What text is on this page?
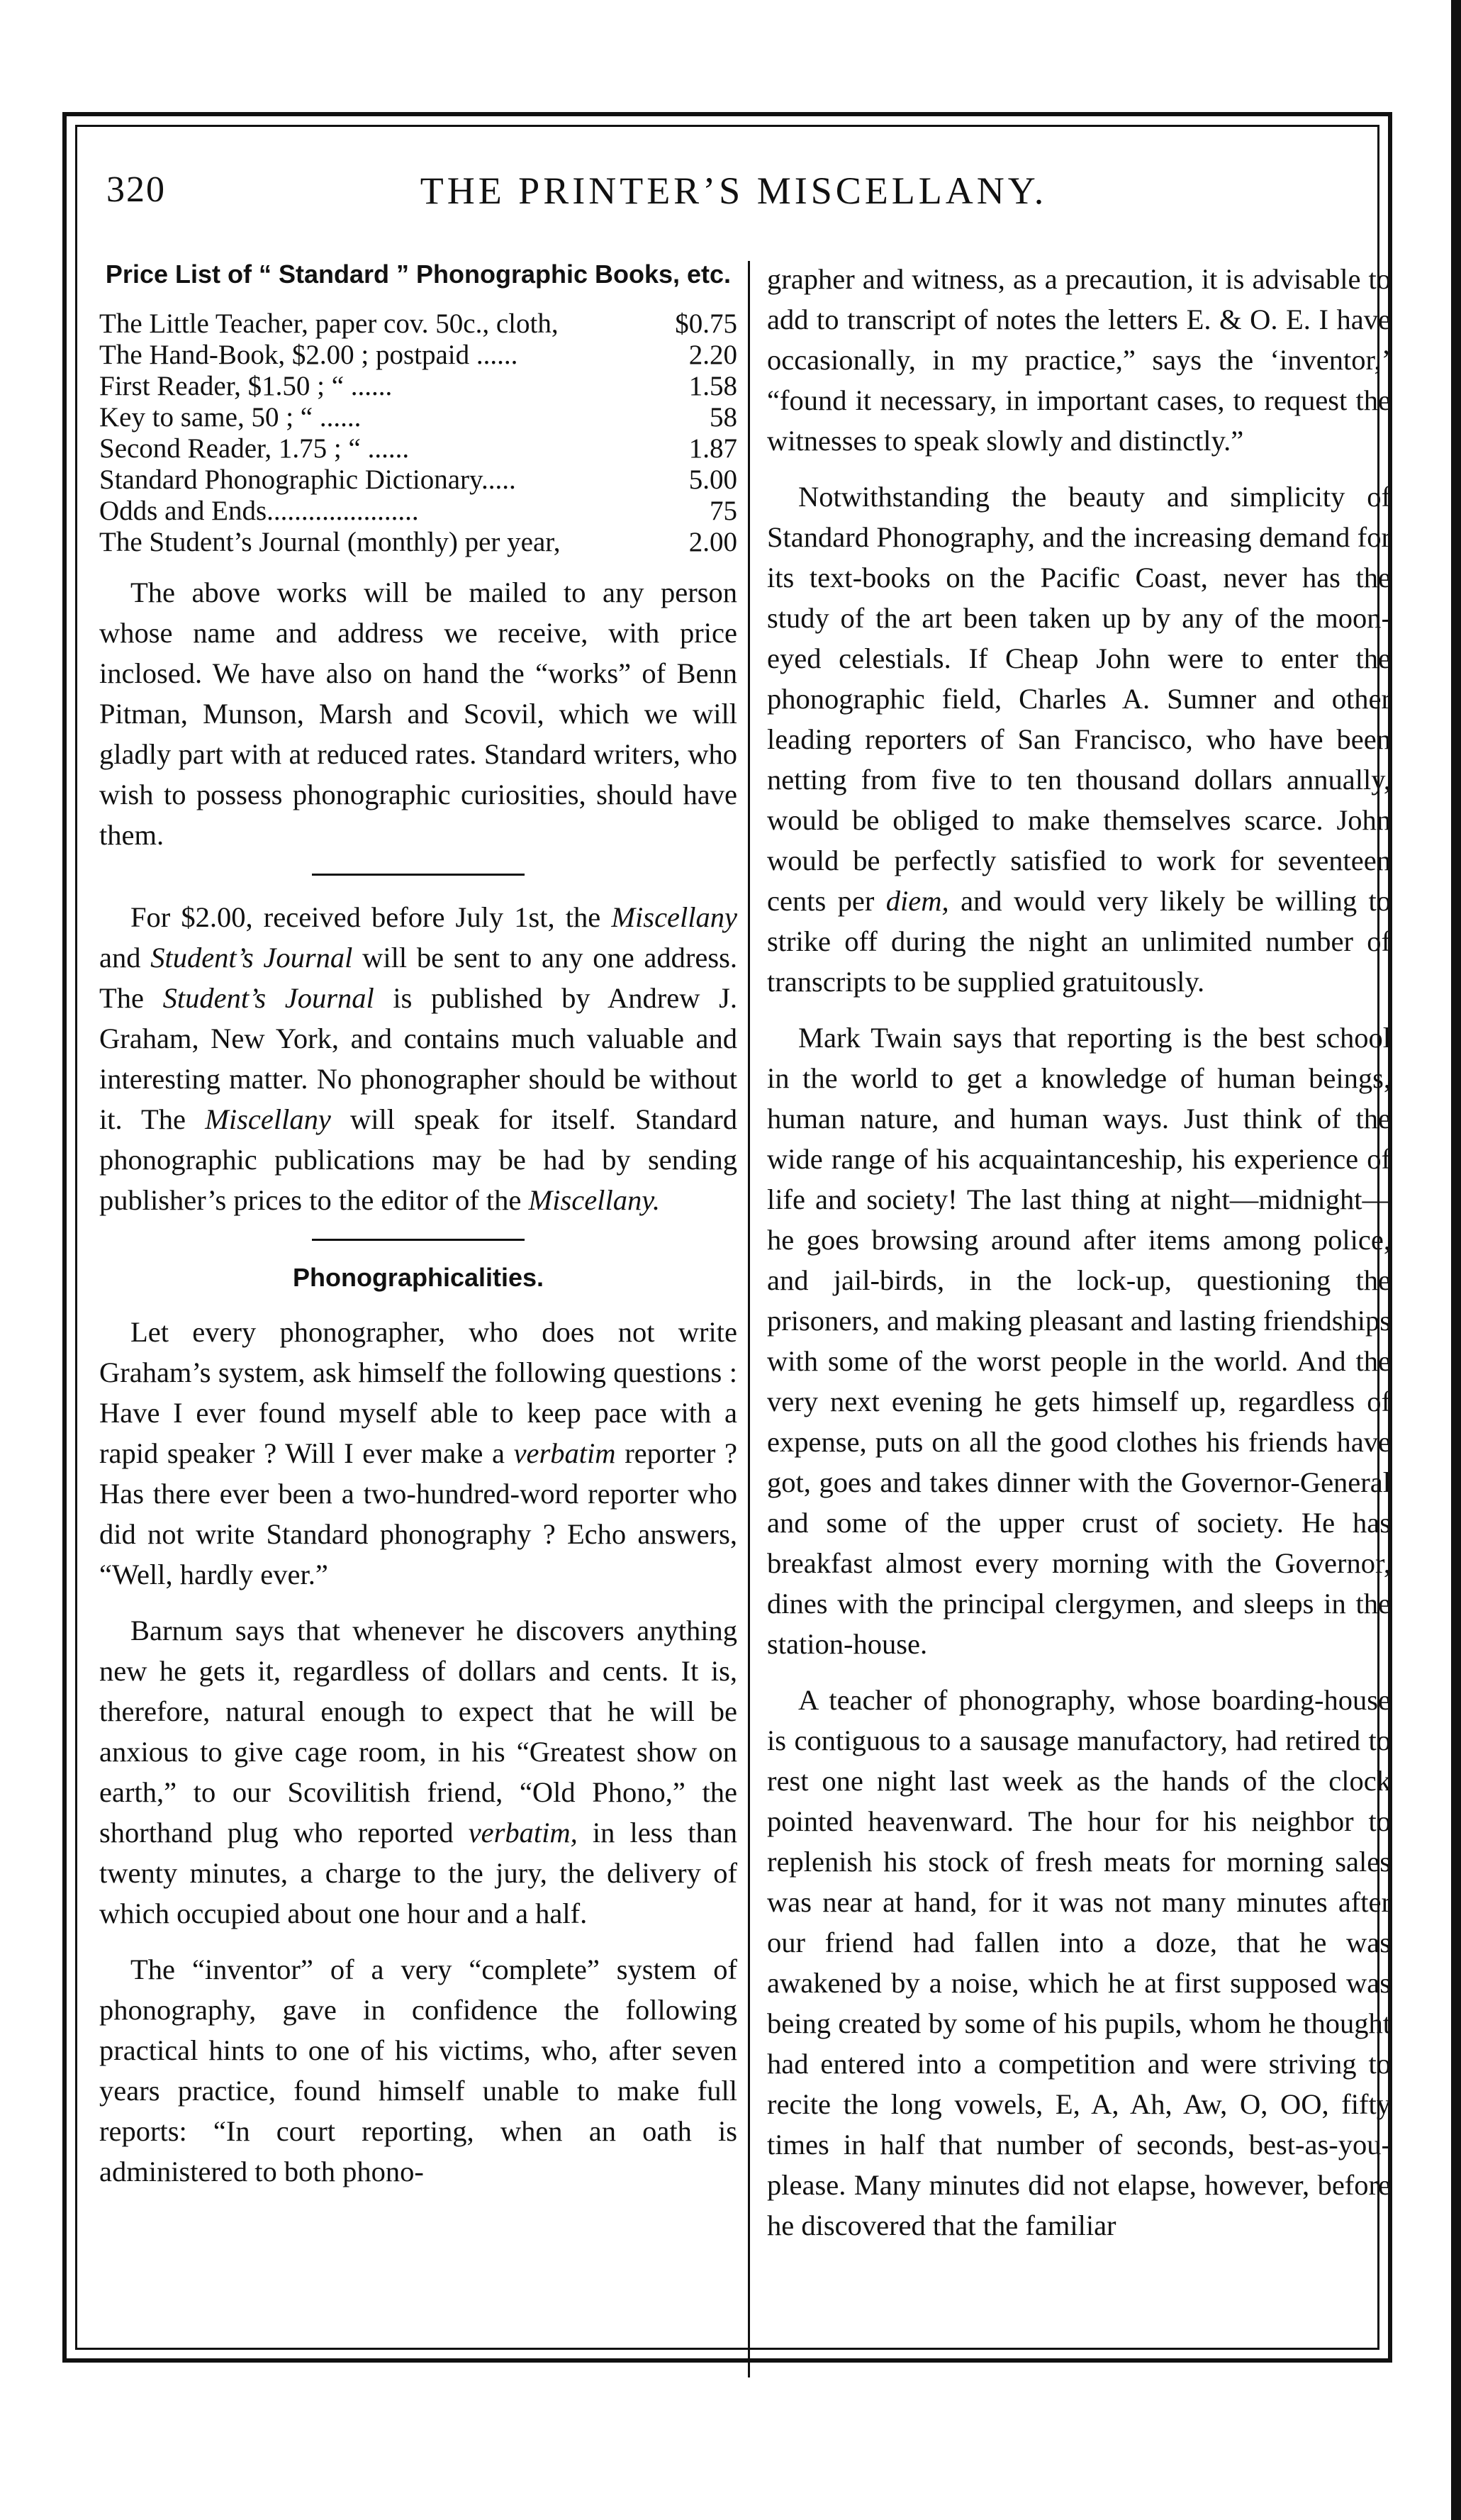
320	THE PRINTER’S MISCELLANY.
Price List of “ Standard ” Phonographic Books, etc.
The Little Teacher, paper cov. 50c., cloth,	$0.75
The Hand-Book, $2.00 ; postpaid ......	2.20
First Reader, $1.50 ; “ ......	1.58
Key to same, 50 ; “ ......	58
Second Reader, 1.75 ; “ ......	1.87
Standard Phonographic Dictionary.....	5.00
Odds and Ends......................	75
The Student’s Journal (monthly) per year,	2.00

The above works will be mailed to any person whose name and address we receive, with price inclosed. We have also on hand the “works” of Benn Pitman, Munson, Marsh and Scovil, which we will gladly part with at reduced rates. Standard writers, who wish to possess phonographic curiosities, should have them.

For $2.00, received before July 1st, the Miscellany and Student’s Journal will be sent to any one address. The Student’s Journal is published by Andrew J. Graham, New York, and contains much valuable and interesting matter. No phonographer should be without it. The Miscellany will speak for itself. Standard phonographic publications may be had by sending publisher’s prices to the editor of the Miscellany.

Phonographicalities.

Let every phonographer, who does not write Graham’s system, ask himself the following questions : Have I ever found myself able to keep pace with a rapid speaker ? Will I ever make a verbatim reporter ? Has there ever been a two-hundred-word reporter who did not write Standard phonography ? Echo answers, “Well, hardly ever.”

Barnum says that whenever he discovers anything new he gets it, regardless of dollars and cents. It is, therefore, natural enough to expect that he will be anxious to give cage room, in his “Greatest show on earth,” to our Scovilitish friend, “Old Phono,” the shorthand plug who reported verbatim, in less than twenty minutes, a charge to the jury, the delivery of which occupied about one hour and a half.

The “inventor” of a very “complete” system of phonography, gave in confidence the following practical hints to one of his victims, who, after seven years practice, found himself unable to make full reports: “In court reporting, when an oath is administered to both phono-

grapher and witness, as a precaution, it is advisable to add to transcript of notes the letters E. & O. E. I have occasionally, in my practice,” says the ‘inventor,’ “found it necessary, in important cases, to request the witnesses to speak slowly and distinctly.”

Notwithstanding the beauty and simplicity of Standard Phonography, and the increasing demand for its text-books on the Pacific Coast, never has the study of the art been taken up by any of the moon-eyed celestials. If Cheap John were to enter the phonographic field, Charles A. Sumner and other leading reporters of San Francisco, who have been netting from five to ten thousand dollars annually, would be obliged to make themselves scarce. John would be perfectly satisfied to work for seventeen cents per diem, and would very likely be willing to strike off during the night an unlimited number of transcripts to be supplied gratuitously.

Mark Twain says that reporting is the best school in the world to get a knowledge of human beings, human nature, and human ways. Just think of the wide range of his acquaintanceship, his experience of life and society! The last thing at night—midnight—he goes browsing around after items among police, and jail-birds, in the lock-up, questioning the prisoners, and making pleasant and lasting friendships with some of the worst people in the world. And the very next evening he gets himself up, regardless of expense, puts on all the good clothes his friends have got, goes and takes dinner with the Governor-General and some of the upper crust of society. He has breakfast almost every morning with the Governor, dines with the principal clergymen, and sleeps in the station-house.

A teacher of phonography, whose boarding-house is contiguous to a sausage manufactory, had retired to rest one night last week as the hands of the clock pointed heavenward. The hour for his neighbor to replenish his stock of fresh meats for morning sales was near at hand, for it was not many minutes after our friend had fallen into a doze, that he was awakened by a noise, which he at first supposed was being created by some of his pupils, whom he thought had entered into a competition and were striving to recite the long vowels, E, A, Ah, Aw, O, OO, fifty times in half that number of seconds, best-as-you-please. Many minutes did not elapse, however, before he discovered that the familiar
